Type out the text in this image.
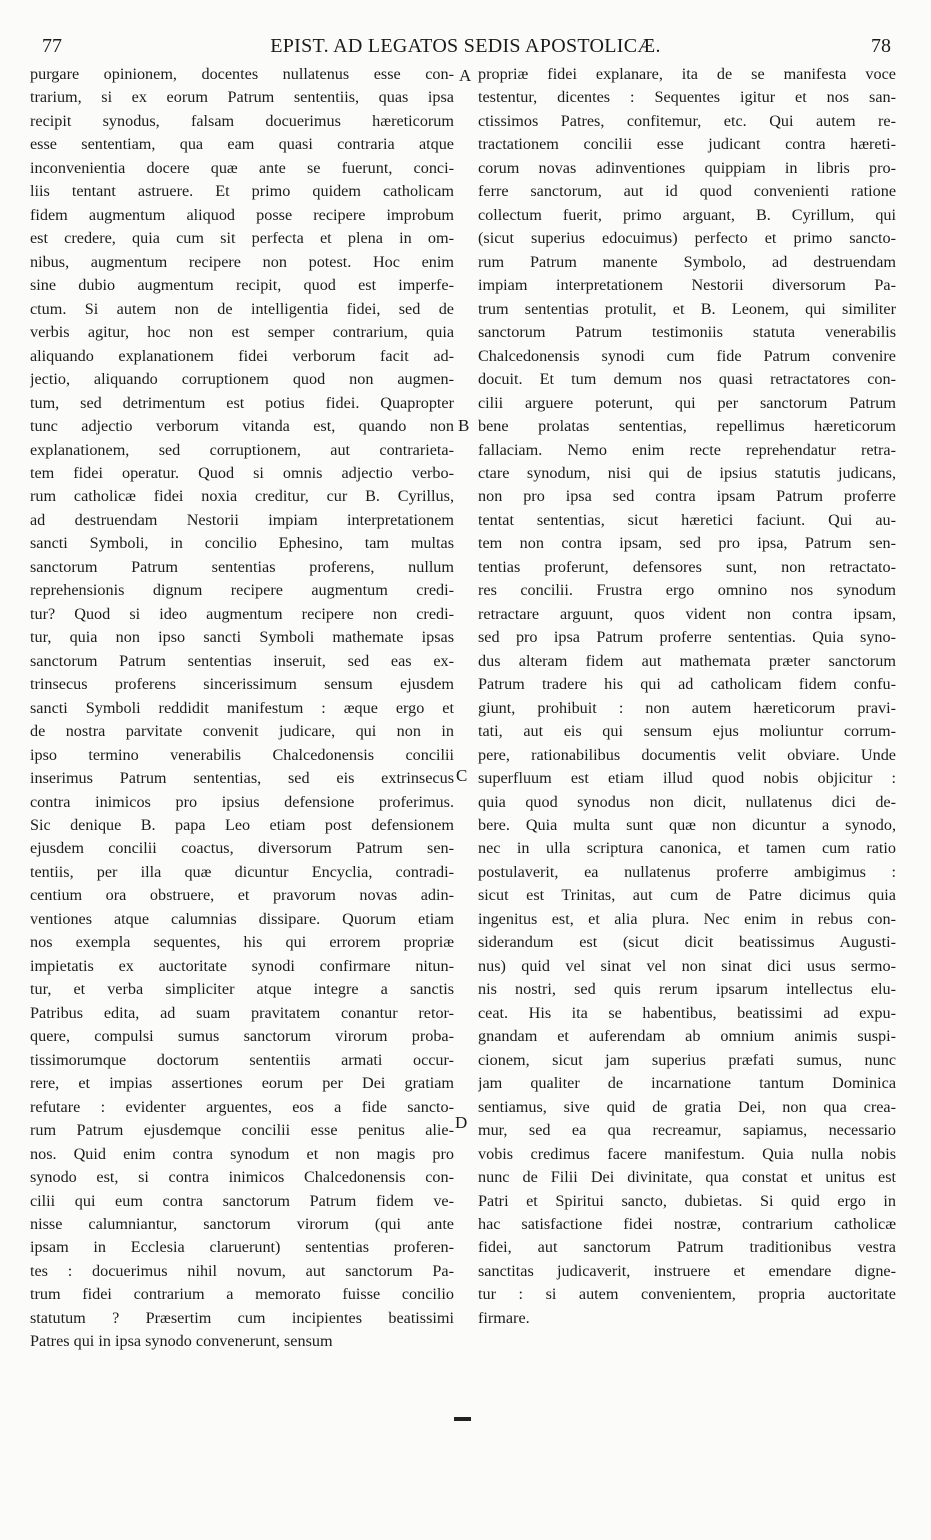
77	EPIST. AD LEGATOS SEDIS APOSTOLICÆ.	78
purgare opinionem, docentes nullatenus esse con-
trarium, si ex eorum Patrum sententiis, quas ipsa
recipit synodus, falsam docuerimus hæreticorum
esse sententiam, qua eam quasi contraria atque
inconvenientia docere quæ ante se fuerunt, conci-
liis tentant astruere. Et primo quidem catholicam
fidem augmentum aliquod posse recipere improbum
est credere, quia cum sit perfecta et plena in om-
nibus, augmentum recipere non potest. Hoc enim
sine dubio augmentum recipit, quod est imperfe-
ctum. Si autem non de intelligentia fidei, sed de
verbis agitur, hoc non est semper contrarium, quia
aliquando explanationem fidei verborum facit ad-
jectio, aliquando corruptionem quod non augmen-
tum, sed detrimentum est potius fidei. Quapropter
tunc adjectio verborum vitanda est, quando non
explanationem, sed corruptionem, aut contrarieta-
tem fidei operatur. Quod si omnis adjectio verbo-
rum catholicæ fidei noxia creditur, cur B. Cyrillus,
ad destruendam Nestorii impiam interpretationem
sancti Symboli, in concilio Ephesino, tam multas
sanctorum Patrum sententias proferens, nullum
reprehensionis dignum recipere augmentum credi-
tur? Quod si ideo augmentum recipere non credi-
tur, quia non ipso sancti Symboli mathemate ipsas
sanctorum Patrum sententias inseruit, sed eas ex-
trinsecus proferens sincerissimum sensum ejusdem
sancti Symboli reddidit manifestum : æque ergo et
de nostra parvitate convenit judicare, qui non in
ipso termino venerabilis Chalcedonensis concilii
inserimus Patrum sententias, sed eis extrinsecus
contra inimicos pro ipsius defensione proferimus.
Sic denique B. papa Leo etiam post defensionem
ejusdem concilii coactus, diversorum Patrum sen-
tentiis, per illa quæ dicuntur Encyclia, contradi-
centium ora obstruere, et pravorum novas adin-
ventiones atque calumnias dissipare. Quorum etiam
nos exempla sequentes, his qui errorem propriæ
impietatis ex auctoritate synodi confirmare nitun-
tur, et verba simpliciter atque integre a sanctis
Patribus edita, ad suam pravitatem conantur retor-
quere, compulsi sumus sanctorum virorum proba-
tissimorumque doctorum sententiis armati occur-
rere, et impias assertiones eorum per Dei gratiam
refutare : evidenter arguentes, eos a fide sancto-
rum Patrum ejusdemque concilii esse penitus alie-
nos. Quid enim contra synodum et non magis pro
synodo est, si contra inimicos Chalcedonensis con-
cilii qui eum contra sanctorum Patrum fidem ve-
nisse calumniantur, sanctorum virorum (qui ante
ipsam in Ecclesia claruerunt) sententias proferen-
tes : docuerimus nihil novum, aut sanctorum Pa-
trum fidei contrarium a memorato fuisse concilio
statutum ? Præsertim cum incipientes beatissimi
Patres qui in ipsa synodo convenerunt, sensum
A
B
C
D
propriæ fidei explanare, ita de se manifesta voce
testentur, dicentes : Sequentes igitur et nos san-
ctissimos Patres, confitemur, etc. Qui autem re-
tractationem concilii esse judicant contra hæreti-
corum novas adinventiones quippiam in libris pro-
ferre sanctorum, aut id quod convenienti ratione
collectum fuerit, primo arguant, B. Cyrillum, qui
(sicut superius edocuimus) perfecto et primo sancto-
rum Patrum manente Symbolo, ad destruendam
impiam interpretationem Nestorii diversorum Pa-
trum sententias protulit, et B. Leonem, qui similiter
sanctorum Patrum testimoniis statuta venerabilis
Chalcedonensis synodi cum fide Patrum convenire
docuit. Et tum demum nos quasi retractatores con-
cilii arguere poterunt, qui per sanctorum Patrum
bene prolatas sententias, repellimus hæreticorum
fallaciam. Nemo enim recte reprehendatur retra-
ctare synodum, nisi qui de ipsius statutis judicans,
non pro ipsa sed contra ipsam Patrum proferre
tentat sententias, sicut hæretici faciunt. Qui au-
tem non contra ipsam, sed pro ipsa, Patrum sen-
tentias proferunt, defensores sunt, non retractato-
res concilii. Frustra ergo omnino nos synodum
retractare arguunt, quos vident non contra ipsam,
sed pro ipsa Patrum proferre sententias. Quia syno-
dus alteram fidem aut mathemata præter sanctorum
Patrum tradere his qui ad catholicam fidem confu-
giunt, prohibuit : non autem hæreticorum pravi-
tati, aut eis qui sensum ejus moliuntur corrum-
pere, rationabilibus documentis velit obviare. Unde
superfluum est etiam illud quod nobis objicitur :
quia quod synodus non dicit, nullatenus dici de-
bere. Quia multa sunt quæ non dicuntur a synodo,
nec in ulla scriptura canonica, et tamen cum ratio
postulaverit, ea nullatenus proferre ambigimus :
sicut est Trinitas, aut cum de Patre dicimus quia
ingenitus est, et alia plura. Nec enim in rebus con-
siderandum est (sicut dicit beatissimus Augusti-
nus) quid vel sinat vel non sinat dici usus sermo-
nis nostri, sed quis rerum ipsarum intellectus elu-
ceat. His ita se habentibus, beatissimi ad expu-
gnandam et auferendam ab omnium animis suspi-
cionem, sicut jam superius præfati sumus, nunc
jam qualiter de incarnatione tantum Dominica
sentiamus, sive quid de gratia Dei, non qua crea-
mur, sed ea qua recreamur, sapiamus, necessario
vobis credimus facere manifestum. Quia nulla nobis
nunc de Filii Dei divinitate, qua constat et unitus est
Patri et Spiritui sancto, dubietas. Si quid ergo in
hac satisfactione fidei nostræ, contrarium catholicæ
fidei, aut sanctorum Patrum traditionibus vestra
sanctitas judicaverit, instruere et emendare digne-
tur : si autem convenientem, propria auctoritate
firmare.
